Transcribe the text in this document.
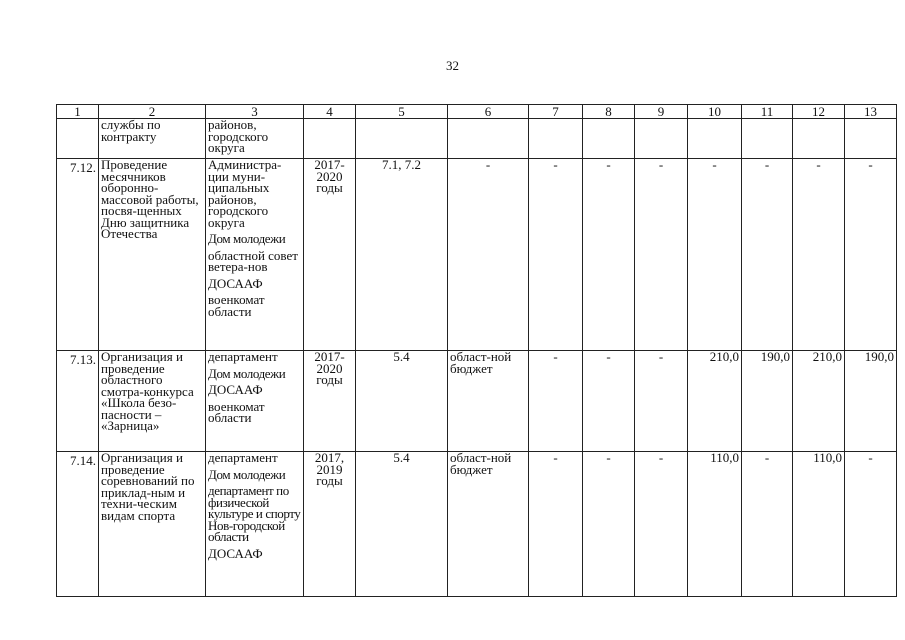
32
1	2	3	4	5	6	7	8	9	10	11	12	13
	службы по контракту	районов, городского округа										
7.12.	Проведение месячников оборонно-массовой работы, посвя-щенных Дню защитника Отечества	Администра-ции муни-ципальных районов, городского округа
Дом молодежи
областной совет ветера-нов
ДОСААФ
военкомат области	2017-2020 годы	7.1, 7.2	-	-	-	-	-	-	-	-
7.13.	Организация и проведение областного смотра-конкурса «Школа безо-пасности – «Зарница»	департамент
Дом молодежи
ДОСААФ
военкомат области	2017-2020 годы	5.4	област-ной бюджет	-	-	-	210,0	190,0	210,0	190,0
7.14.	Организация и проведение соревнований по приклад-ным и техни-ческим видам спорта	департамент
Дом молодежи
департамент по физической культуре и спорту Нов-городской области
ДОСААФ	2017, 2019 годы	5.4	област-ной бюджет	-	-	-	110,0	-	110,0	-
